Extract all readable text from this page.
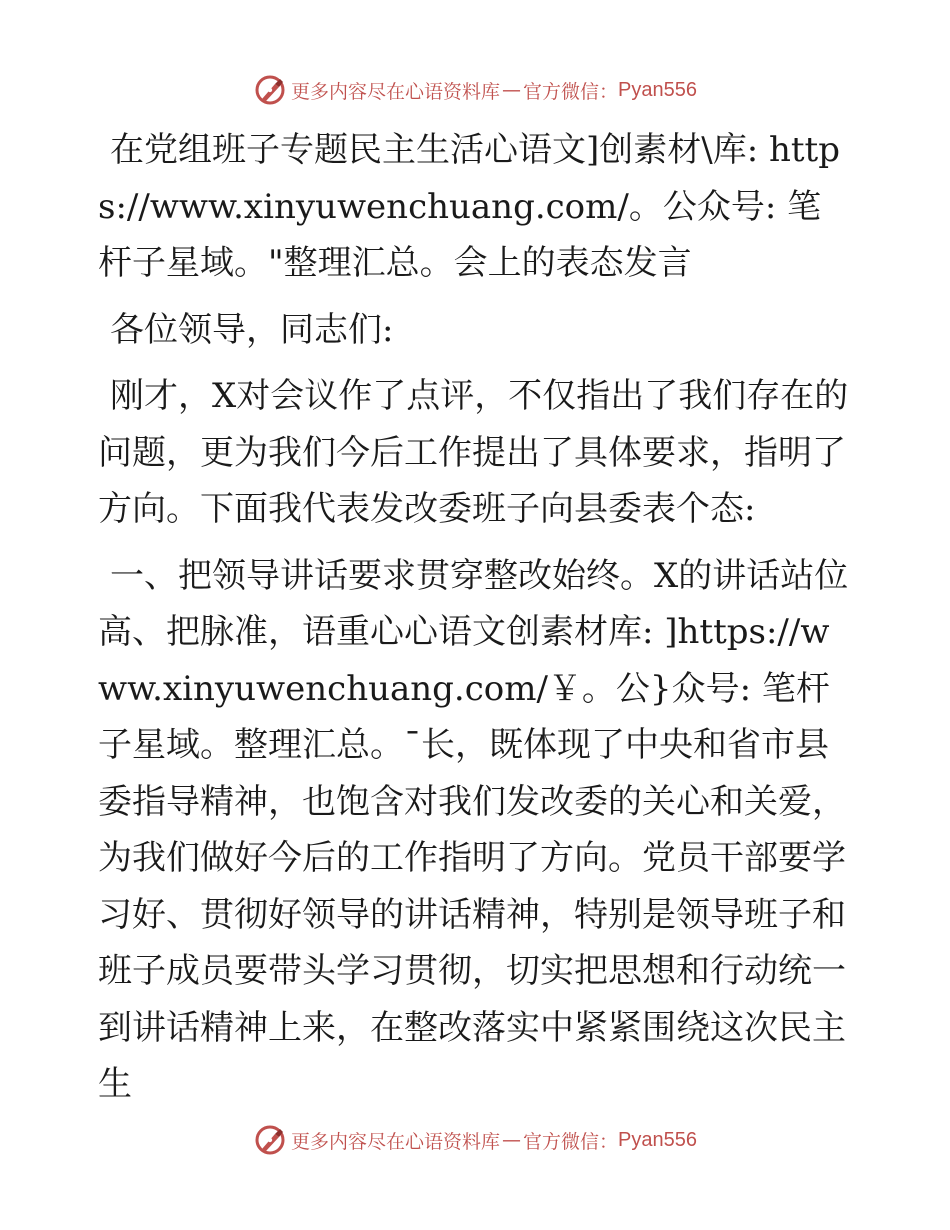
更多内容尽在心语资料库 — 官方微信： Pyan556

在党组班子专题民主生活心语文]创素材\库: https://www.xinyuwenchuang.com/。公众号: 笔杆子星域。"整理汇总。会上的表态发言

各位领导，同志们:

刚才，X对会议作了点评，不仅指出了我们存在的问题，更为我们今后工作提出了具体要求，指明了方向。下面我代表发改委班子向县委表个态:

一、把领导讲话要求贯穿整改始终。X的讲话站位高、把脉准，语重心心语文创素材库: ]https://www.xinyuwenchuang.com/￥。公}众号: 笔杆子星域。整理汇总。¯长，既体现了中央和省市县委指导精神，也饱含对我们发改委的关心和关爱，为我们做好今后的工作指明了方向。党员干部要学习好、贯彻好领导的讲话精神，特别是领导班子和班子成员要带头学习贯彻，切实把思想和行动统一到讲话精神上来，在整改落实中紧紧围绕这次民主生

更多内容尽在心语资料库 — 官方微信： Pyan556
